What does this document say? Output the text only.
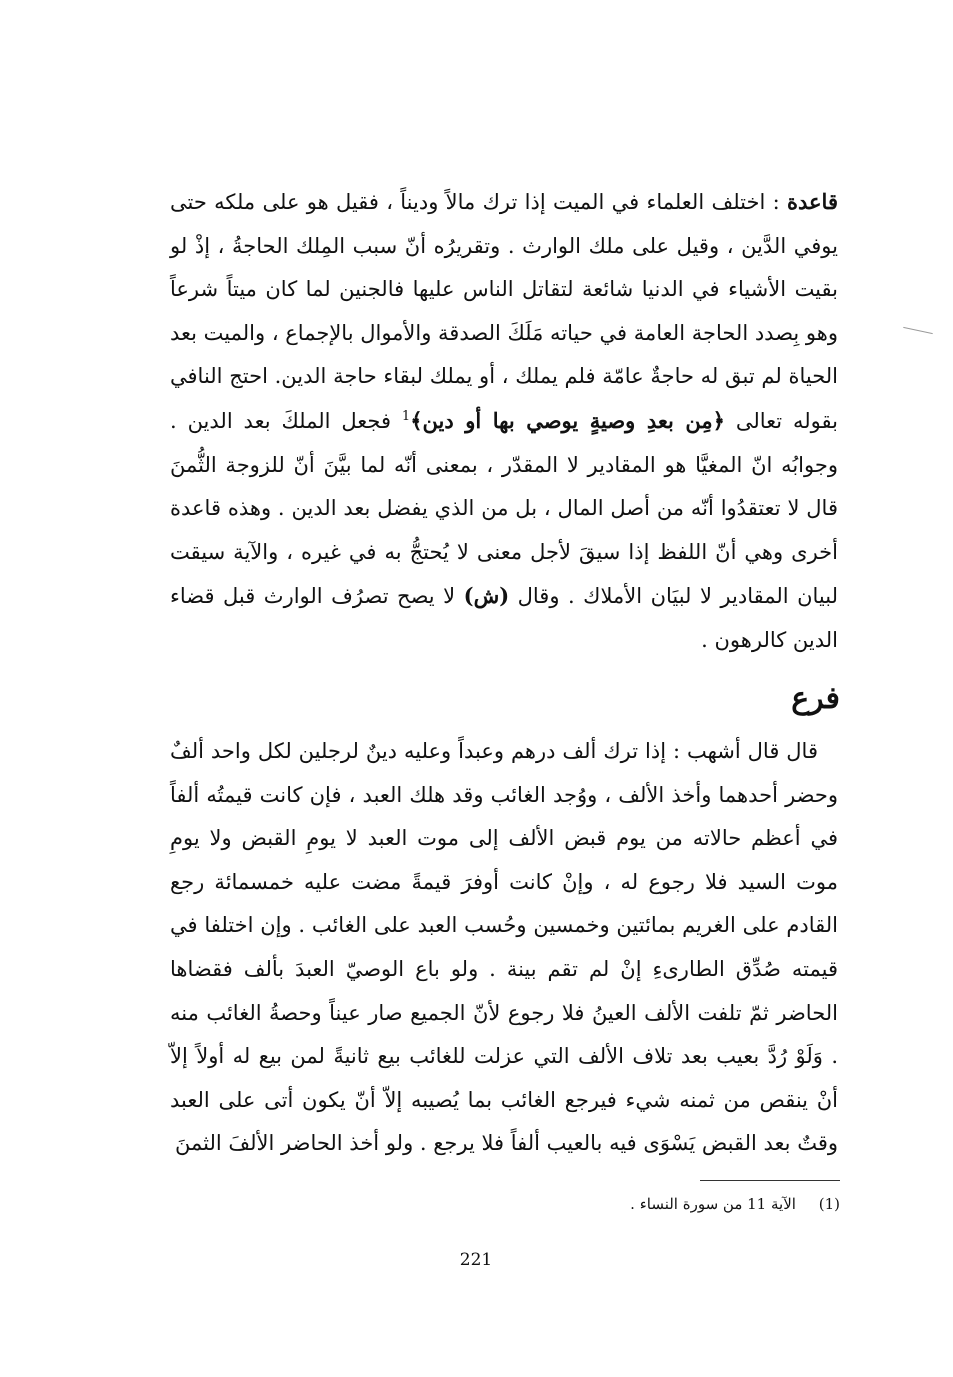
قاعدة : اختلف العلماء في الميت إذا ترك مالاً وديناً ، فقيل هو على ملكه حتى يوفي الدَّين ، وقيل على ملك الوارث . وتقريرُه أنّ سبب المِلك الحاجةُ ، إذْ لو بقيت الأشياء في الدنيا شائعة لتقاتل الناس عليها فالجنين لما كان ميتاً شرعاً وهو بِصدد الحاجة العامة في حياته مَلَكَ الصدقة والأموال بالإجماع ، والميت بعد الحياة لم تبق له حاجةٌ عامّة فلم يملك ، أو يملك لبقاء حاجة الدين. احتج النافي بقوله تعالى ﴿مِن بعدِ وصيةٍ يوصي بها أو دين﴾$^1$ فجعل الملكَ بعد الدين . وجوابُه انّ المغيَّا هو المقادير لا المقدّر ، بمعنى أنّه لما بيَّنَ أنّ للزوجة الثُّمنَ قال لا تعتقدُوا أنّه من أصل المال ، بل من الذي يفضل بعد الدين . وهذه قاعدة أخرى وهي أنّ اللفظ إذا سيقَ لأجل معنى لا يُحتجُّ به في غيره ، والآية سيقت لبيان المقادير لا لبيَان الأملاك . وقال (ش) لا يصح تصرُف الوارث قبل قضاء الدين كالرهون .

فرع

قال قال أشهب : إذا ترك ألف درهم وعبداً وعليه دينٌ لرجلين لكل واحد ألفٌ وحضر أحدهما وأخذ الألف ، ووُجد الغائب وقد هلك العبد ، فإن كانت قيمتُه ألفاً في أعظم حالاته من يوم قبض الألف إلى موت العبد لا يومِ القبض ولا يومِ موت السيد فلا رجوع له ، وإنْ كانت أوفرَ قيمةً مضت عليه خمسمائة رجع القادم على الغريم بمائتين وخمسين وحُسب العبد على الغائب . وإن اختلفا في قيمته صُدِّق الطارىءِ إنْ لم تقم بينة . ولو باع الوصيّ العبدَ بألف فقضاها الحاضر ثمّ تلفت الألف العينُ فلا رجوع لأنّ الجميع صار عيناً وحصةُ الغائب منه . وَلَوْ رُدَّ بعيب بعد تلاف الألف التي عزلت للغائب بيع ثانيةً لمن بيع له أولاً إلاّ أنْ ينقص من ثمنه شيء فيرجع الغائب بما يُصيبه إلاّ أنّ يكون أتى على العبد وقتٌ بعد القبض يَسْوَى فيه بالعيب ألفاً فلا يرجع . ولو أخذ الحاضر الألفَ الثمنَ

(1) الآية 11 من سورة النساء .
221
